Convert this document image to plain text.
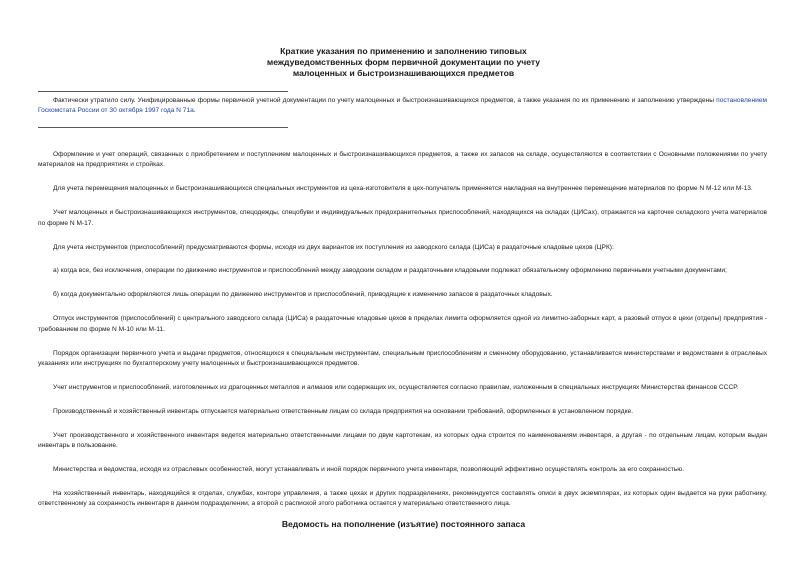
Краткие указания по применению и заполнению типовых
междуведомственных форм первичной документации по учету
малоценных и быстроизнашивающихся предметов
Фактически утратило силу. Унифицированные формы первичной учетной документации по учету малоценных и быстроизнашивающихся предметов, а также указания по их применению и заполнению утверждены постановлением Госкомстата России от 30 октября 1997 года N 71а.

Оформление и учет операций, связанных с приобретением и поступлением малоценных и быстроизнашивающихся предметов, а также их запасов на складе, осуществляются в соответствии с Основными положениями по учету материалов на предприятиях и стройках.

Для учета перемещения малоценных и быстроизнашивающихся специальных инструментов из цеха-изготовителя в цех-получатель применяется накладная на внутреннее перемещение материалов по форме N М-12 или М-13.

Учет малоценных и быстроизнашивающихся инструментов, спецодежды, спецобуви и индивидуальных предохранительных приспособлений, находящихся на складах (ЦИСах), отражается на карточке складского учета материалов по форме N М-17.

Для учета инструментов (приспособлений) предусматриваются формы, исходя из двух вариантов их поступления из заводского склада (ЦИСа) в раздаточные кладовые цехов (ЦРК):

а) когда все, без исключения, операции по движению инструментов и приспособлений между заводским складом и раздаточными кладовыми подлежат обязательному оформлению первичными учетными документами;

б) когда документально оформляются лишь операции по движению инструментов и приспособлений, приводящие к изменению запасов в раздаточных кладовых.

Отпуск инструментов (приспособлений) с центрального заводского склада (ЦИСа) в раздаточные кладовые цехов в пределах лимита оформляется одной из лимитно-заборных карт, а разовый отпуск в цехи (отделы) предприятия - требованием по форме N М-10 или М-11.

Порядок организации первичного учета и выдачи предметов, относящихся к специальным инструментам, специальным приспособлениям и сменному оборудованию, устанавливается министерствами и ведомствами в отраслевых указаниях или инструкциях по бухгалтерскому учету малоценных и быстроизнашивающихся предметов.

Учет инструментов и приспособлений, изготовленных из драгоценных металлов и алмазов или содержащих их, осуществляется согласно правилам, изложенным в специальных инструкциях Министерства финансов СССР.

Производственный и хозяйственный инвентарь отпускается материально ответственным лицам со склада предприятия на основании требований, оформленных в установленном порядке.

Учет производственного и хозяйственного инвентаря ведется материально ответственными лицами по двум картотекам, из которых одна строится по наименованиям инвентаря, а другая - по отдельным лицам, которым выдан инвентарь в пользование.

Министерства и ведомства, исходя из отраслевых особенностей, могут устанавливать и иной порядок первичного учета инвентаря, позволяющий эффективно осуществлять контроль за его сохранностью.

На хозяйственный инвентарь, находящийся в отделах, службах, конторе управления, а также цехах и других подразделениях, рекомендуется составлять описи в двух экземплярах, из которых один выдается на руки работнику, ответственному за сохранность инвентаря в данном подразделении, а второй с распиской этого работника остается у материально ответственного лица.

Ведомость на пополнение (изъятие) постоянного запаса
